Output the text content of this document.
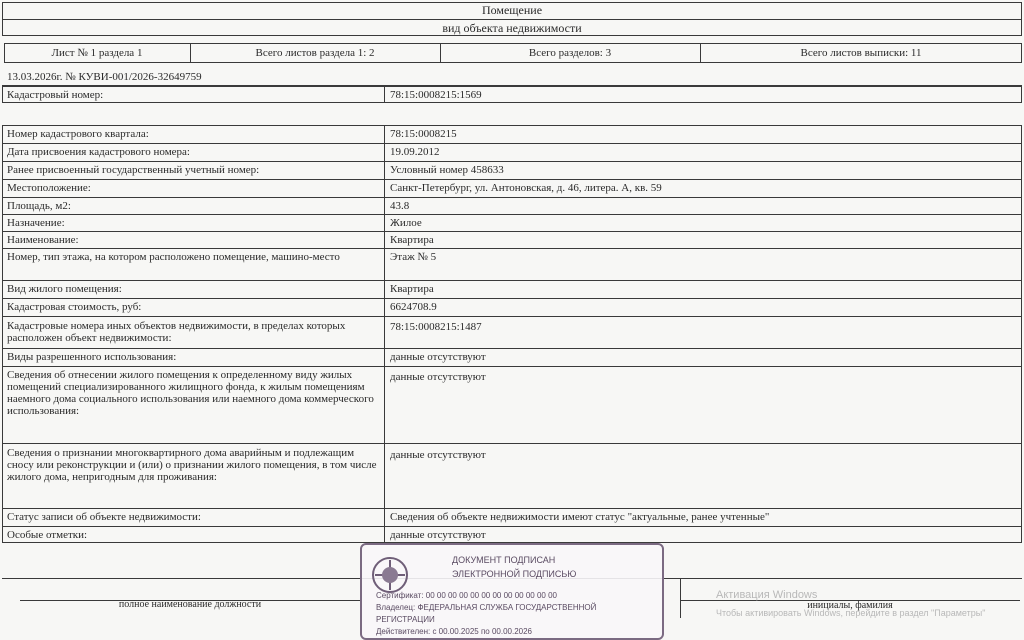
Помещение
вид объекта недвижимости
Лист № 1 раздела 1	Всего листов раздела 1: 2	Всего разделов: 3	Всего листов выписки: 11
13.03.2026г. № КУВИ-001/2026-32649759
Кадастровый номер:	78:15:0008215:1569
Номер кадастрового квартала:	78:15:0008215
Дата присвоения кадастрового номера:	19.09.2012
Ранее присвоенный государственный учетный номер:	Условный номер 458633
Местоположение:	Санкт-Петербург, ул. Антоновская, д. 46, литера. А, кв. 59
Площадь, м2:	43.8
Назначение:	Жилое
Наименование:	Квартира
Номер, тип этажа, на котором расположено помещение, машино-место	Этаж № 5
Вид жилого помещения:	Квартира
Кадастровая стоимость, руб:	6624708.9
Кадастровые номера иных объектов недвижимости, в пределах которых расположен объект недвижимости:
78:15:0008215:1487
Виды разрешенного использования:	данные отсутствуют
Сведения об отнесении жилого помещения к определенному виду жилых помещений специализированного жилищного фонда, к жилым помещениям наемного дома социального использования или наемного дома коммерческого использования:
данные отсутствуют
Сведения о признании многоквартирного дома аварийным и подлежащим сносу или реконструкции и (или) о признании жилого помещения, в том числе жилого дома, непригодным для проживания:
данные отсутствуют
Статус записи об объекте недвижимости:	Сведения об объекте недвижимости имеют статус "актуальные, ранее учтенные"
Особые отметки:	данные отсутствуют
полное наименование должности	инициалы, фамилия
ДОКУМЕНТ ПОДПИСАН
ЭЛЕКТРОННОЙ ПОДПИСЬЮ
Сертификат: 00 00 00 00 00 00 00 00 00 00 00 00
Владелец: ФЕДЕРАЛЬНАЯ СЛУЖБА ГОСУДАРСТВЕННОЙ
РЕГИСТРАЦИИ
Действителен: с 00.00.2025 по 00.00.2026
Активация Windows
Чтобы активировать Windows, перейдите в раздел "Параметры"
